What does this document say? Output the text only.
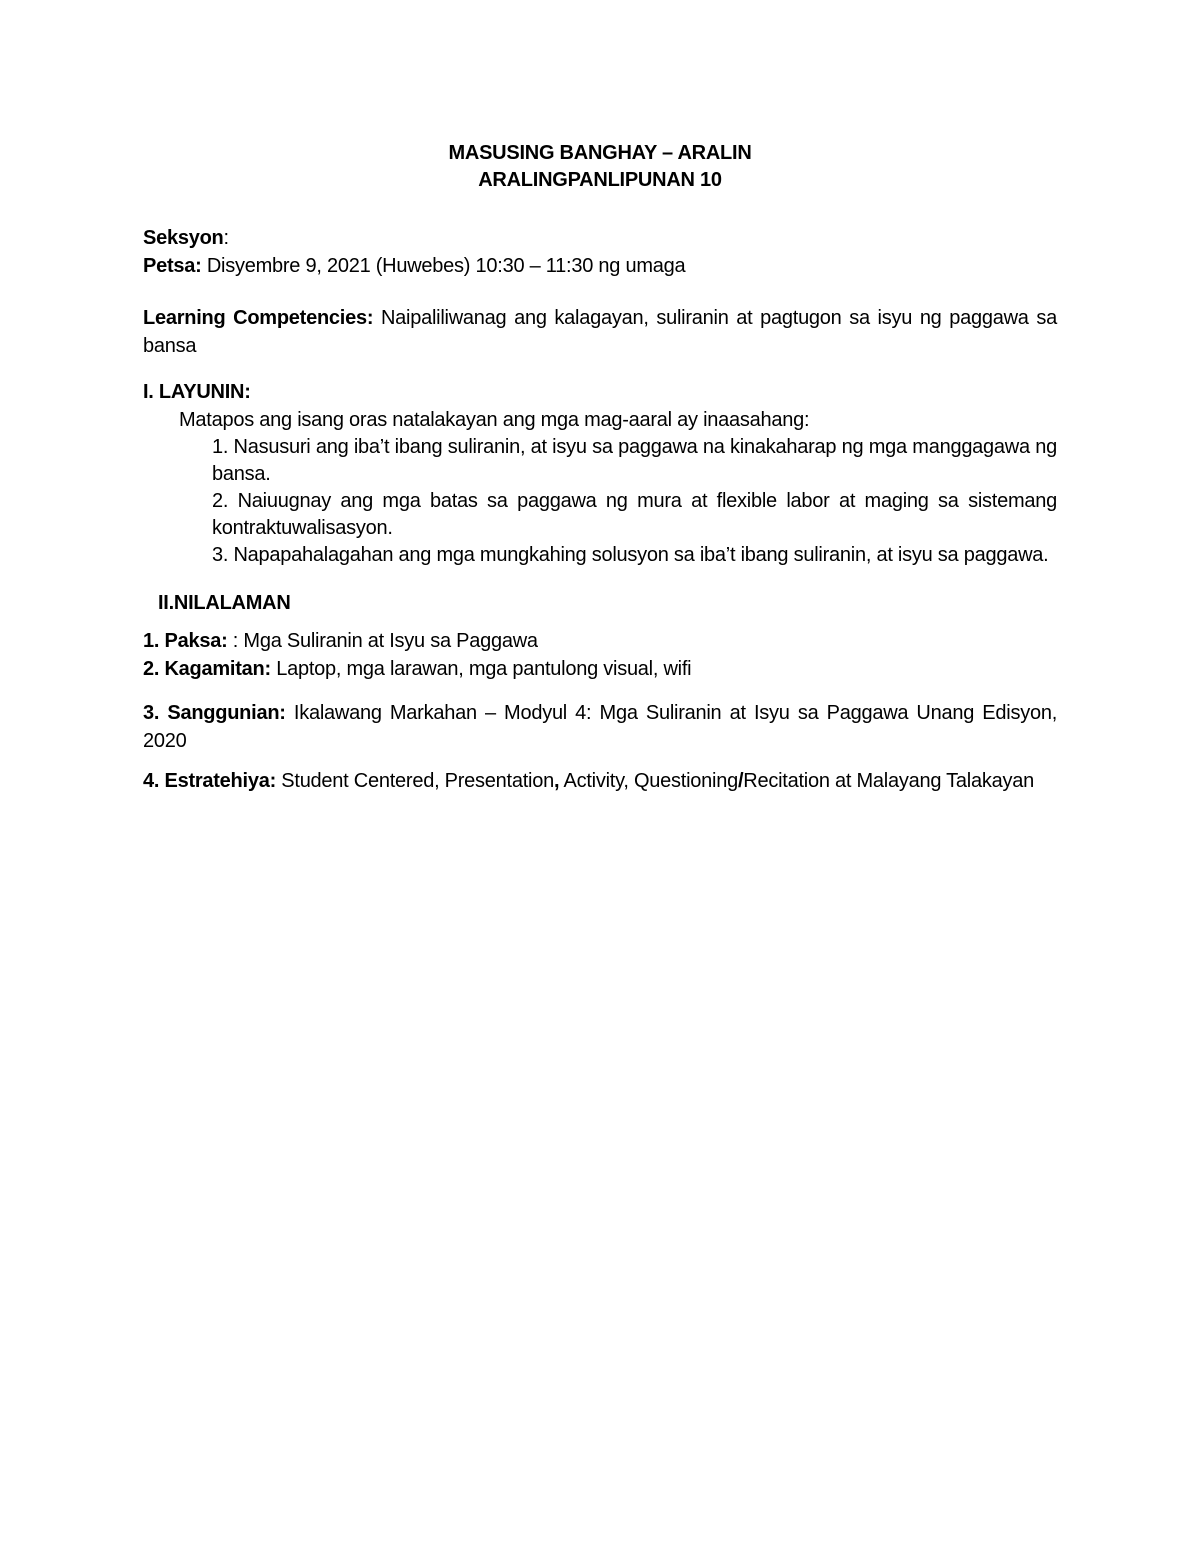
MASUSING BANGHAY – ARALIN
ARALINGPANLIPUNAN 10
Seksyon:
Petsa: Disyembre 9, 2021 (Huwebes) 10:30 – 11:30 ng umaga

Learning Competencies: Naipaliliwanag ang kalagayan, suliranin at pagtugon sa isyu ng paggawa sa bansa

I. LAYUNIN:
Matapos ang isang oras natalakayan ang mga mag-aaral ay inaasahang:

1. Nasusuri ang iba’t ibang suliranin, at isyu sa paggawa na kinakaharap ng mga manggagawa ng bansa.

2. Naiuugnay ang mga batas sa paggawa ng mura at flexible labor at maging sa sistemang kontraktuwalisasyon.

3. Napapahalagahan ang mga mungkahing solusyon sa iba’t ibang suliranin, at isyu sa paggawa.

II.NILALAMAN
1. Paksa: : Mga Suliranin at Isyu sa Paggawa
2. Kagamitan: Laptop, mga larawan, mga pantulong visual, wifi

3. Sanggunian: Ikalawang Markahan – Modyul 4: Mga Suliranin at Isyu sa Paggawa Unang Edisyon, 2020

4. Estratehiya: Student Centered, Presentation, Activity, Questioning/Recitation at Malayang Talakayan
